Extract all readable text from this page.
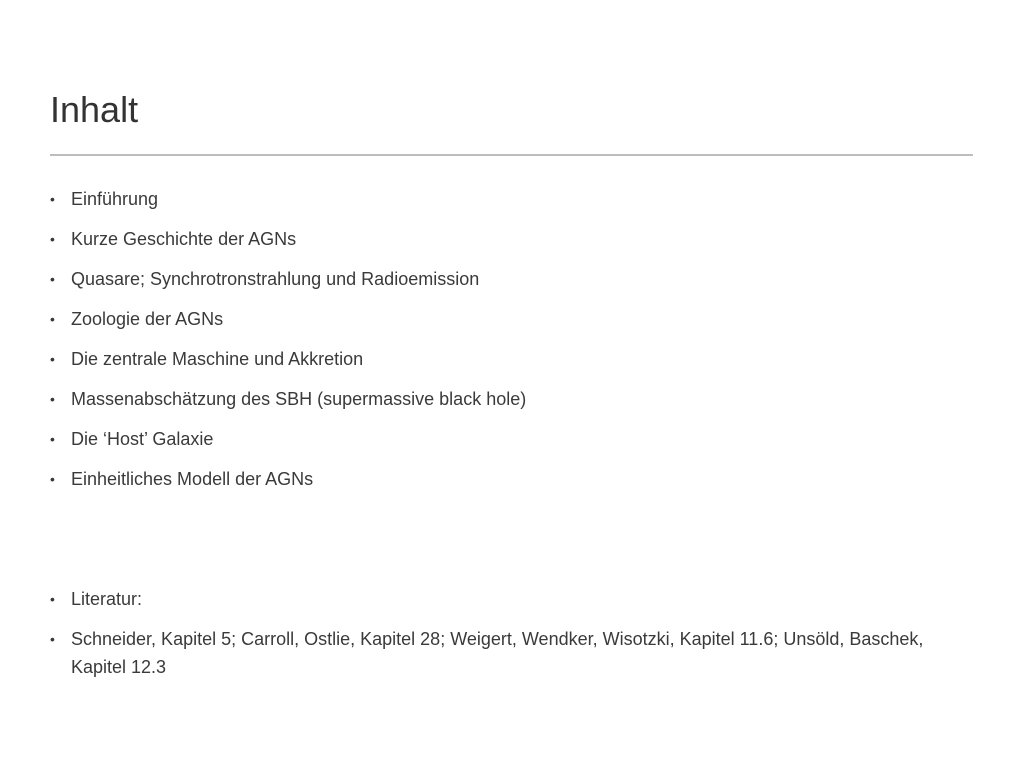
Inhalt
• Einführung
• Kurze Geschichte der AGNs
• Quasare; Synchrotronstrahlung und Radioemission
• Zoologie der AGNs
• Die zentrale Maschine und Akkretion
• Massenabschätzung des SBH (supermassive black hole)
• Die ‘Host’ Galaxie
• Einheitliches Modell der AGNs
• Literatur:
• Schneider, Kapitel 5; Carroll, Ostlie, Kapitel 28; Weigert, Wendker, Wisotzki, Kapitel 11.6; Unsöld, Baschek, Kapitel 12.3
